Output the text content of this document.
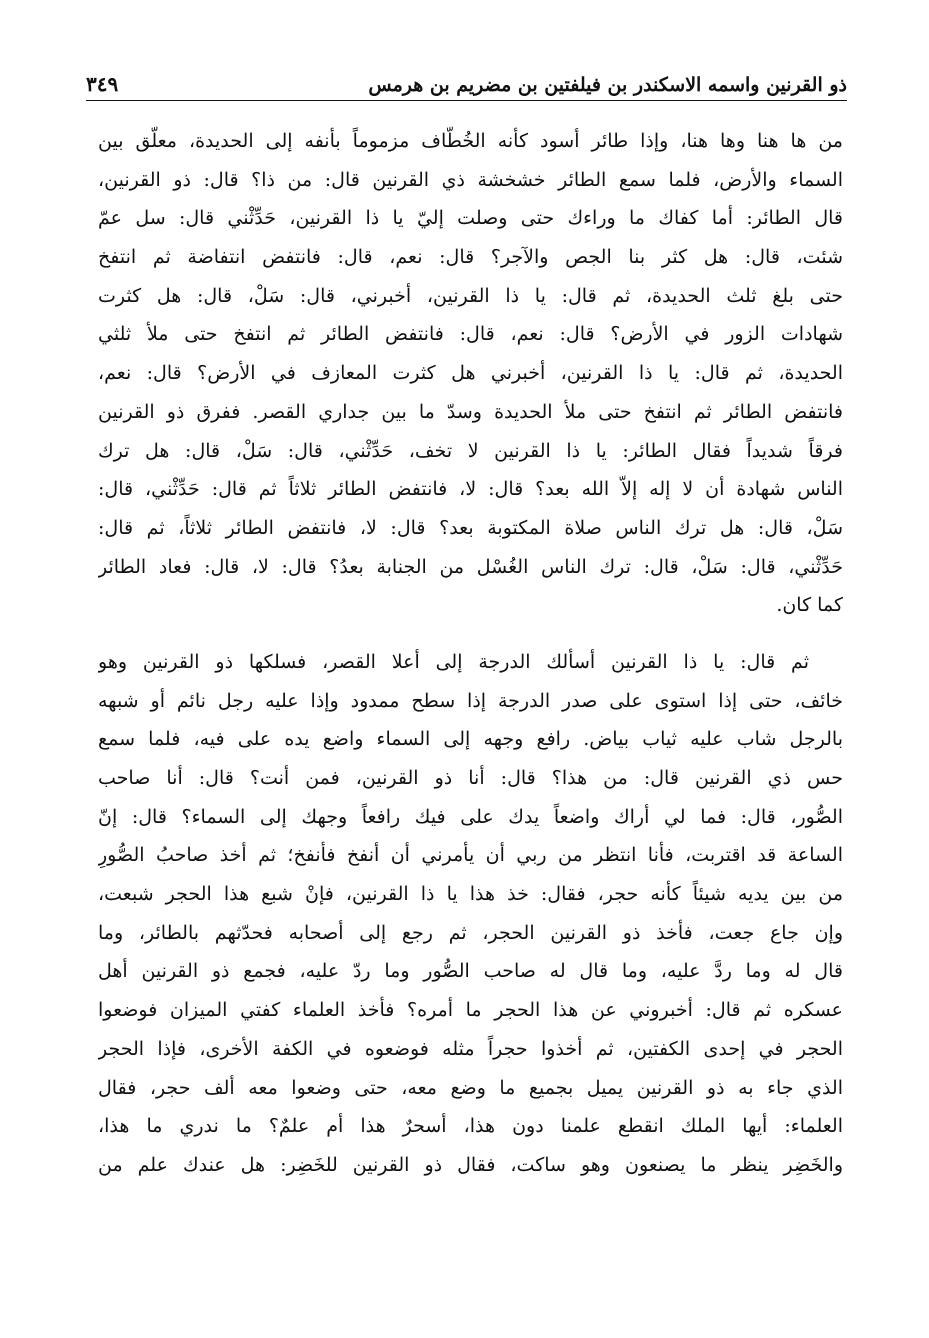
ذو القرنين واسمه الاسكندر بن فيلفتين بن مضريم بن هرمس
٣٤٩
من ها هنا وها هنا، وإذا طائر أسود كأنه الخُطّاف مزموماً بأنفه إلى الحديدة، معلّق بين
السماء والأرض، فلما سمع الطائر خشخشة ذي القرنين قال: من ذا؟ قال: ذو القرنين،
قال الطائر: أما كفاك ما وراءك حتى وصلت إليّ يا ذا القرنين، حَدِّثْني قال: سل عمّ
شئت، قال: هل كثر بنا الجص والآجر؟ قال: نعم، قال: فانتفض انتفاضة ثم انتفخ
حتى بلغ ثلث الحديدة، ثم قال: يا ذا القرنين، أخبرني، قال: سَلْ، قال: هل كثرت
شهادات الزور في الأرض؟ قال: نعم، قال: فانتفض الطائر ثم انتفخ حتى ملأ ثلثي
الحديدة، ثم قال: يا ذا القرنين، أخبرني هل كثرت المعازف في الأرض؟ قال: نعم،
فانتفض الطائر ثم انتفخ حتى ملأ الحديدة وسدّ ما بين جداري القصر. ففرق ذو القرنين
فرقاً شديداً فقال الطائر: يا ذا القرنين لا تخف، حَدِّثْني، قال: سَلْ، قال: هل ترك
الناس شهادة أن لا إله إلاّ الله بعد؟ قال: لا، فانتفض الطائر ثلاثاً ثم قال: حَدِّثْني، قال:
سَلْ، قال: هل ترك الناس صلاة المكتوبة بعد؟ قال: لا، فانتفض الطائر ثلاثاً، ثم قال:
حَدِّثْني، قال: سَلْ، قال: ترك الناس الغُسْل من الجنابة بعدُ؟ قال: لا، قال: فعاد الطائر
كما كان.
ثم قال: يا ذا القرنين أسألك الدرجة إلى أعلا القصر، فسلكها ذو القرنين وهو
خائف، حتى إذا استوى على صدر الدرجة إذا سطح ممدود وإذا عليه رجل نائم أو شبهه
بالرجل شاب عليه ثياب بياض. رافع وجهه إلى السماء واضع يده على فيه، فلما سمع
حس ذي القرنين قال: من هذا؟ قال: أنا ذو القرنين، فمن أنت؟ قال: أنا صاحب
الصُّور، قال: فما لي أراك واضعاً يدك على فيك رافعاً وجهك إلى السماء؟ قال: إنّ
الساعة قد اقتربت، فأنا انتظر من ربي أن يأمرني أن أنفخ فأنفخ؛ ثم أخذ صاحبُ الصُّورِ
من بين يديه شيئاً كأنه حجر، فقال: خذ هذا يا ذا القرنين، فإنْ شبع هذا الحجر شبعت،
وإن جاع جعت، فأخذ ذو القرنين الحجر، ثم رجع إلى أصحابه فحدّثهم بالطائر، وما
قال له وما ردَّ عليه، وما قال له صاحب الصُّور وما ردّ عليه، فجمع ذو القرنين أهل
عسكره ثم قال: أخبروني عن هذا الحجر ما أمره؟ فأخذ العلماء كفتي الميزان فوضعوا
الحجر في إحدى الكفتين، ثم أخذوا حجراً مثله فوضعوه في الكفة الأخرى، فإذا الحجر
الذي جاء به ذو القرنين يميل بجميع ما وضع معه، حتى وضعوا معه ألف حجر، فقال
العلماء: أيها الملك انقطع علمنا دون هذا، أسحرٌ هذا أم علمٌ؟ ما ندري ما هذا،
والخَضِر ينظر ما يصنعون وهو ساكت، فقال ذو القرنين للخَضِر: هل عندك علم من
